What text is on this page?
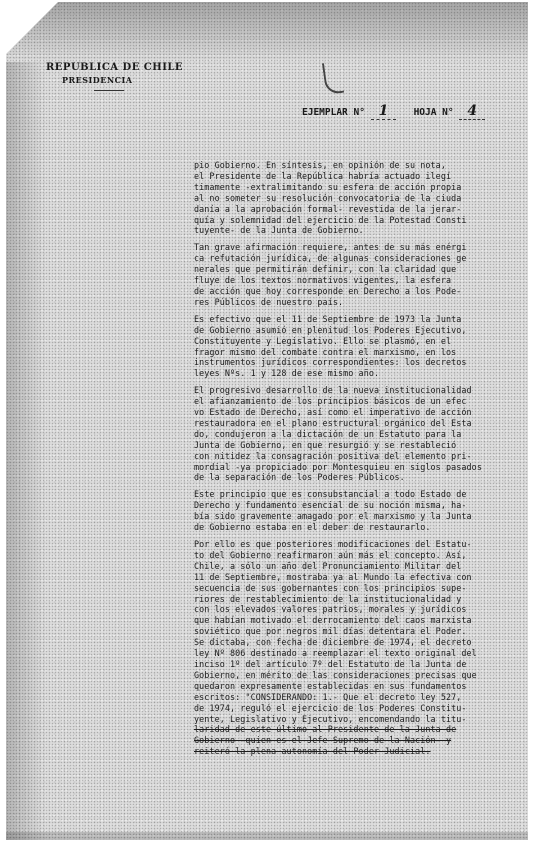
REPUBLICA DE CHILE
PRESIDENCIA
EJEMPLAR N° 1	HOJA N° 4
pio Gobierno. En síntesis, en opinión de su nota,
el Presidente de la República habría actuado ilegí
timamente -extralimitando su esfera de acción propia
al no someter su resolución convocatoria de la ciuda
danía a la aprobación formal- revestida de la jerar-
quía y solemnidad del ejercicio de la Potestad Consti
tuyente- de la Junta de Gobierno.
Tan grave afirmación requiere, antes de su más enérgi
ca refutación jurídica, de algunas consideraciones ge
nerales que permitirán definir, con la claridad que
fluye de los textos normativos vigentes, la esfera
de acción que hoy corresponde en Derecho a los Pode-
res Públicos de nuestro país.
Es efectivo que el 11 de Septiembre de 1973 la Junta
de Gobierno asumió en plenitud los Poderes Ejecutivo,
Constituyente y Legislativo. Ello se plasmó, en el
fragor mismo del combate contra el marxismo, en los
instrumentos jurídicos correspondientes: los decretos
leyes Nºs. 1 y 128 de ese mismo año.
El progresivo desarrollo de la nueva institucionalidad
el afianzamiento de los principios básicos de un efec
vo Estado de Derecho, así como el imperativo de acción
restauradora en el plano estructural orgánico del Esta
do, condujeron a la dictación de un Estatuto para la
Junta de Gobierno, en que resurgió y se restableció
con nitidez la consagración positiva del elemento pri-
mordial -ya propiciado por Montesquieu en siglos pasados
de la separación de los Poderes Públicos.
Este principio que es consubstancial a todo Estado de
Derecho y fundamento esencial de su noción misma, ha-
bía sido gravemente amagado por el marxismo y la Junta
de Gobierno estaba en el deber de restaurarlo.
Por ello es que posteriores modificaciones del Estatu-
to del Gobierno reafirmaron aún más el concepto. Así,
Chile, a sólo un año del Pronunciamiento Militar del
11 de Septiembre, mostraba ya al Mundo la efectiva con
secuencia de sus gobernantes con los principios supe-
riores de restablecimiento de la institucionalidad y
con los elevados valores patrios, morales y jurídicos
que habían motivado el derrocamiento del caos marxista
soviético que por negros mil días detentara el Poder.
Se dictaba, con fecha de diciembre de 1974, el decreto
ley Nº 806 destinado a reemplazar el texto original del
inciso 1º del artículo 7º del Estatuto de la Junta de
Gobierno, en mérito de las consideraciones precisas que
quedaron expresamente establecidas en sus fundamentos
escritos: "CONSIDERANDO: 1.- Que el decreto ley 527,
de 1974, reguló el ejercicio de los Poderes Constitu-
yente, Legislativo y Ejecutivo, encomendando la titu-
laridad de este último al Presidente de la Junta de
Gobierno -quien es el Jefe Supremo de la Nación- y
reiteró la plena autonomía del Poder Judicial.
